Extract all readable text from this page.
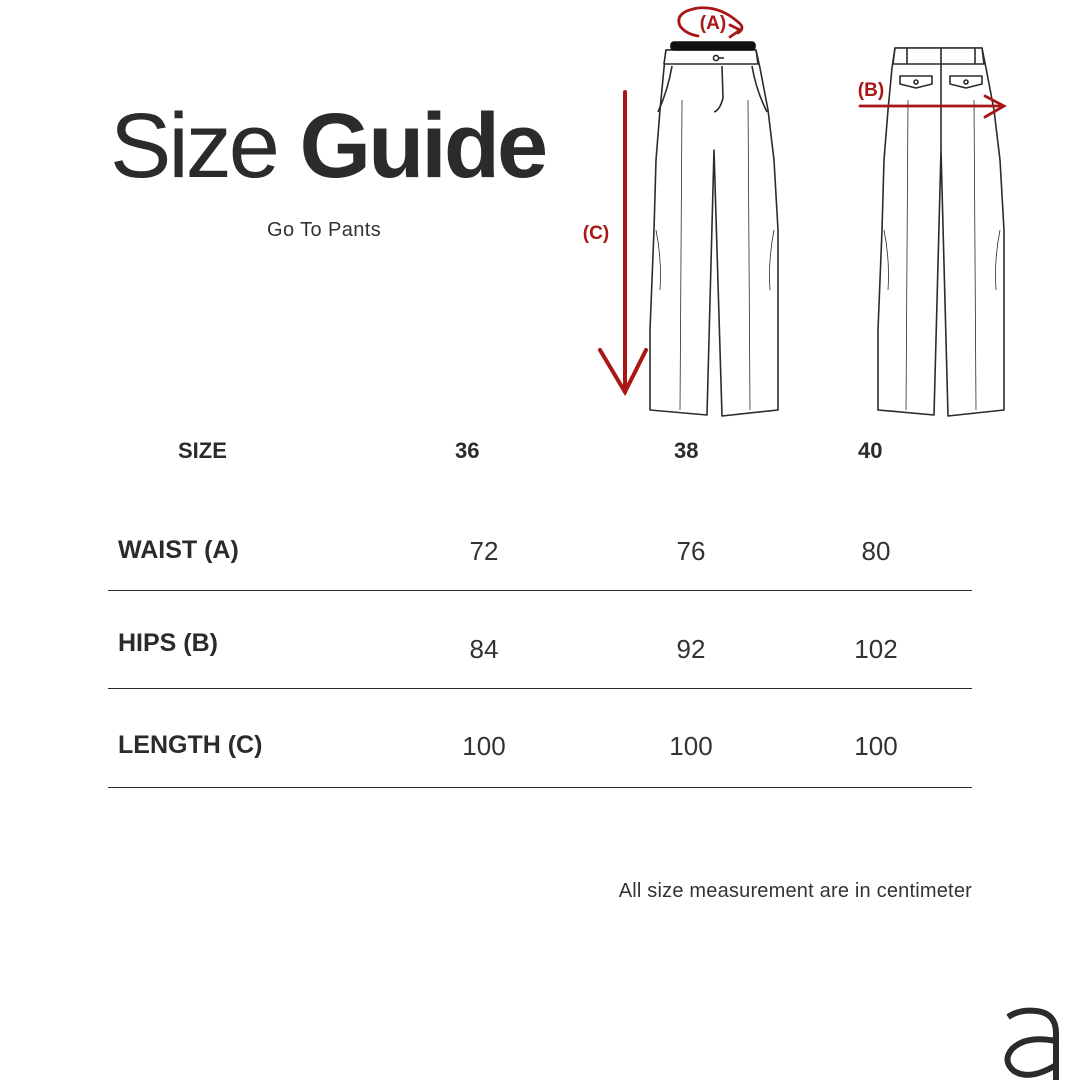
Size Guide
Go To Pants
(A)
(B)
(C)
SIZE	36	38	40
WAIST (A)	72	76	80
HIPS (B)	84	92	102
LENGTH (C)	100	100	100
All size measurement are in centimeter
